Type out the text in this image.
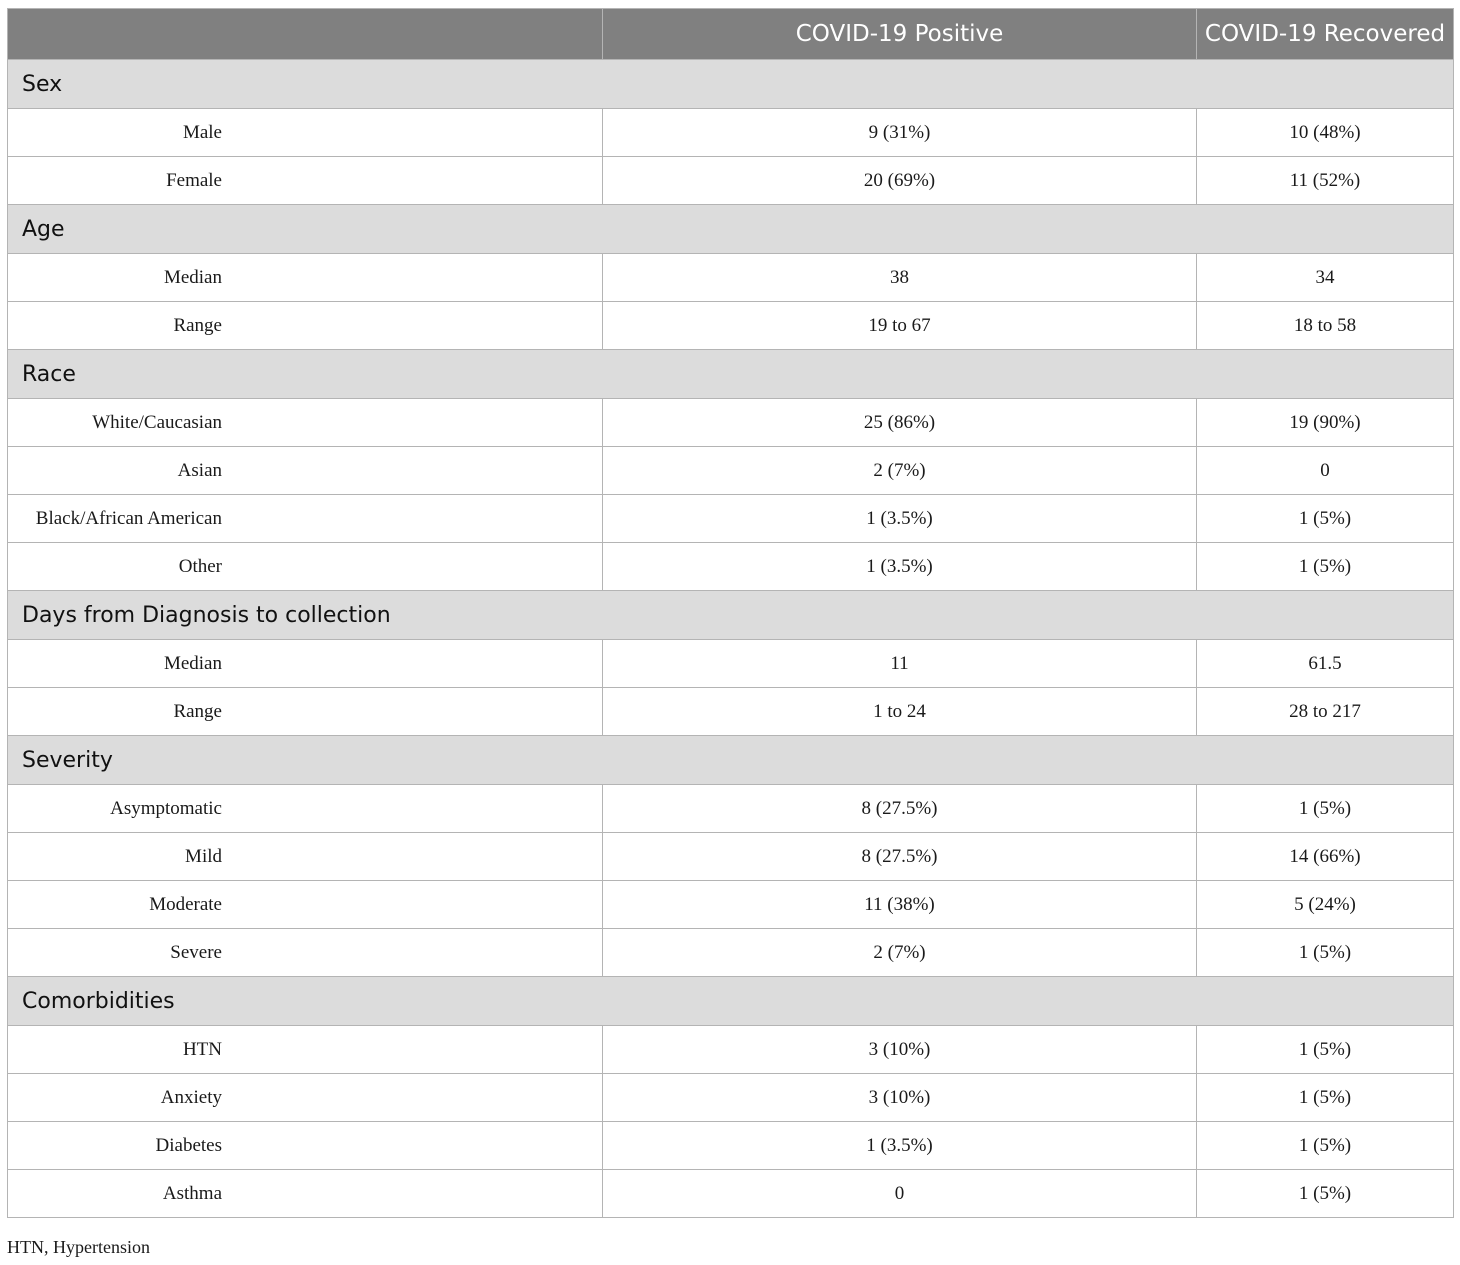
	COVID-19 Positive	COVID-19 Recovered
Sex		
Male	9 (31%)	10 (48%)
Female	20 (69%)	11 (52%)
Age		
Median	38	34
Range	19 to 67	18 to 58
Race		
White/Caucasian	25 (86%)	19 (90%)
Asian	2 (7%)	0
Black/African American	1 (3.5%)	1 (5%)
Other	1 (3.5%)	1 (5%)
Days from Diagnosis to collection		
Median	11	61.5
Range	1 to 24	28 to 217
Severity		
Asymptomatic	8 (27.5%)	1 (5%)
Mild	8 (27.5%)	14 (66%)
Moderate	11 (38%)	5 (24%)
Severe	2 (7%)	1 (5%)
Comorbidities		
HTN	3 (10%)	1 (5%)
Anxiety	3 (10%)	1 (5%)
Diabetes	1 (3.5%)	1 (5%)
Asthma	0	1 (5%)
HTN, Hypertension
